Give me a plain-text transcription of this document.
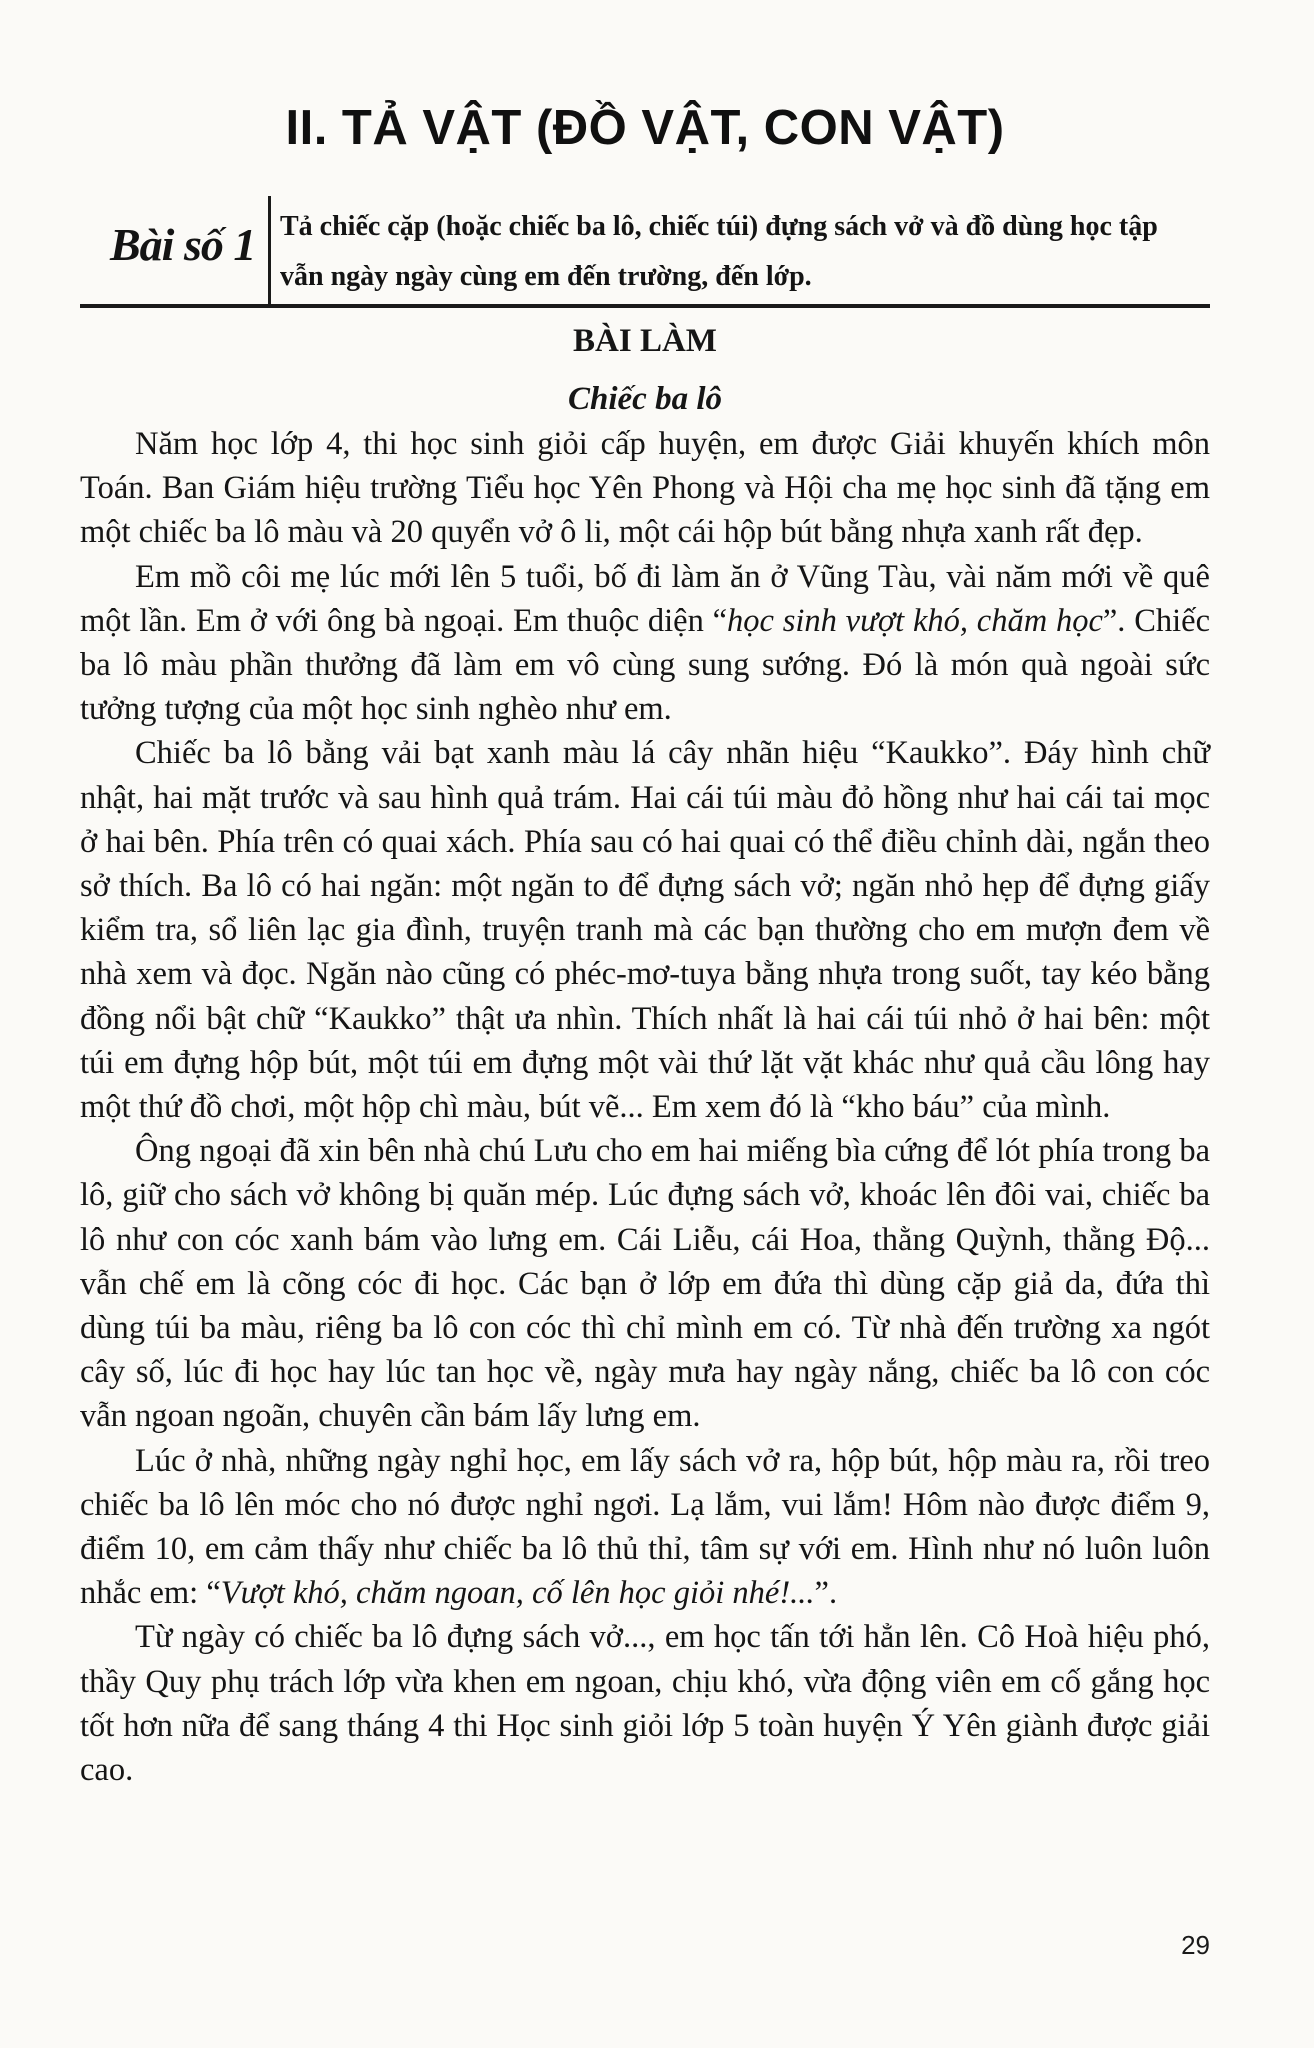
II. TẢ VẬT (ĐỒ VẬT, CON VẬT)
Bài số 1 Tả chiếc cặp (hoặc chiếc ba lô, chiếc túi) đựng sách vở và đồ dùng học tập vẫn ngày ngày cùng em đến trường, đến lớp.
BÀI LÀM
Chiếc ba lô

Năm học lớp 4, thi học sinh giỏi cấp huyện, em được Giải khuyến khích môn Toán. Ban Giám hiệu trường Tiểu học Yên Phong và Hội cha mẹ học sinh đã tặng em một chiếc ba lô màu và 20 quyển vở ô li, một cái hộp bút bằng nhựa xanh rất đẹp.

Em mồ côi mẹ lúc mới lên 5 tuổi, bố đi làm ăn ở Vũng Tàu, vài năm mới về quê một lần. Em ở với ông bà ngoại. Em thuộc diện “học sinh vượt khó, chăm học”. Chiếc ba lô màu phần thưởng đã làm em vô cùng sung sướng. Đó là món quà ngoài sức tưởng tượng của một học sinh nghèo như em.

Chiếc ba lô bằng vải bạt xanh màu lá cây nhãn hiệu “Kaukko”. Đáy hình chữ nhật, hai mặt trước và sau hình quả trám. Hai cái túi màu đỏ hồng như hai cái tai mọc ở hai bên. Phía trên có quai xách. Phía sau có hai quai có thể điều chỉnh dài, ngắn theo sở thích. Ba lô có hai ngăn: một ngăn to để đựng sách vở; ngăn nhỏ hẹp để đựng giấy kiểm tra, sổ liên lạc gia đình, truyện tranh mà các bạn thường cho em mượn đem về nhà xem và đọc. Ngăn nào cũng có phéc-mơ-tuya bằng nhựa trong suốt, tay kéo bằng đồng nổi bật chữ “Kaukko” thật ưa nhìn. Thích nhất là hai cái túi nhỏ ở hai bên: một túi em đựng hộp bút, một túi em đựng một vài thứ lặt vặt khác như quả cầu lông hay một thứ đồ chơi, một hộp chì màu, bút vẽ... Em xem đó là “kho báu” của mình.

Ông ngoại đã xin bên nhà chú Lưu cho em hai miếng bìa cứng để lót phía trong ba lô, giữ cho sách vở không bị quăn mép. Lúc đựng sách vở, khoác lên đôi vai, chiếc ba lô như con cóc xanh bám vào lưng em. Cái Liễu, cái Hoa, thằng Quỳnh, thằng Độ... vẫn chế em là cõng cóc đi học. Các bạn ở lớp em đứa thì dùng cặp giả da, đứa thì dùng túi ba màu, riêng ba lô con cóc thì chỉ mình em có. Từ nhà đến trường xa ngót cây số, lúc đi học hay lúc tan học về, ngày mưa hay ngày nắng, chiếc ba lô con cóc vẫn ngoan ngoãn, chuyên cần bám lấy lưng em.

Lúc ở nhà, những ngày nghỉ học, em lấy sách vở ra, hộp bút, hộp màu ra, rồi treo chiếc ba lô lên móc cho nó được nghỉ ngơi. Lạ lắm, vui lắm! Hôm nào được điểm 9, điểm 10, em cảm thấy như chiếc ba lô thủ thỉ, tâm sự với em. Hình như nó luôn luôn nhắc em: “Vượt khó, chăm ngoan, cố lên học giỏi nhé!...”.

Từ ngày có chiếc ba lô đựng sách vở..., em học tấn tới hẳn lên. Cô Hoà hiệu phó, thầy Quy phụ trách lớp vừa khen em ngoan, chịu khó, vừa động viên em cố gắng học tốt hơn nữa để sang tháng 4 thi Học sinh giỏi lớp 5 toàn huyện Ý Yên giành được giải cao.

29
